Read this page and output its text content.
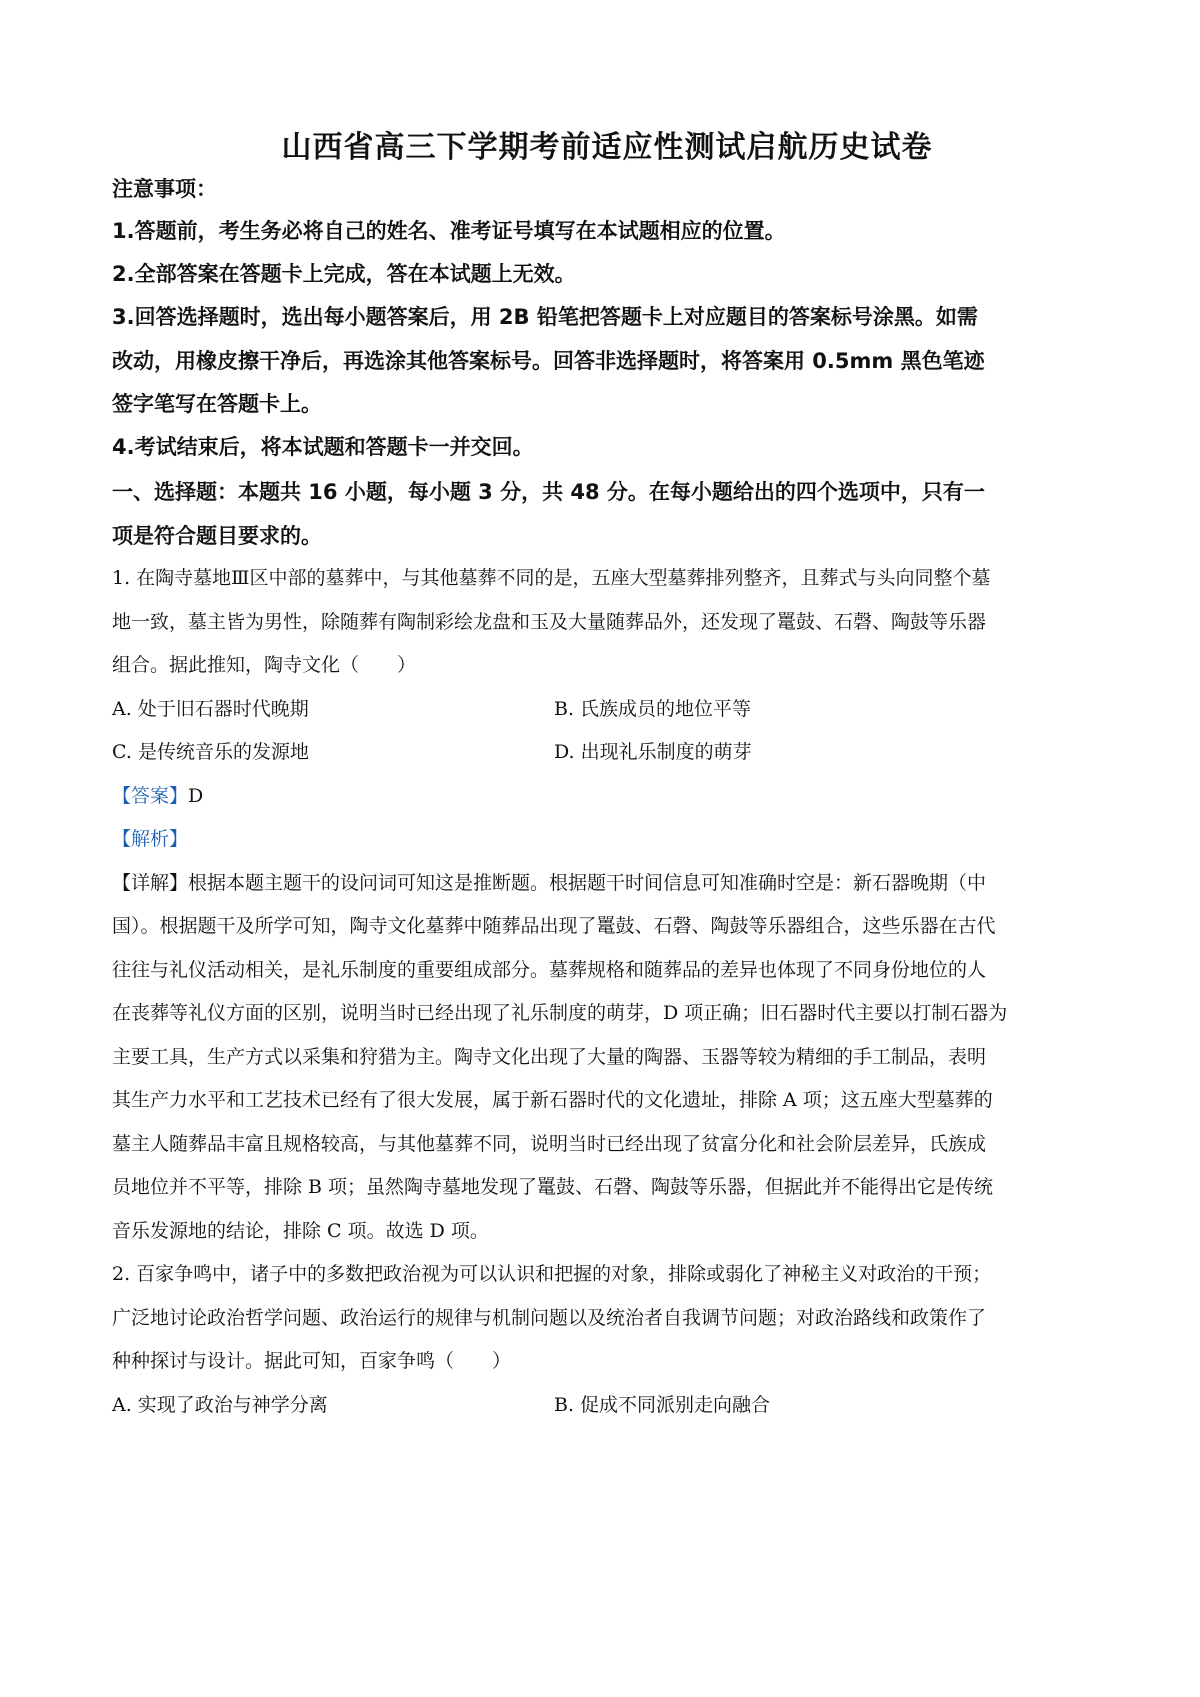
山西省高三下学期考前适应性测试启航历史试卷
注意事项：
1.答题前，考生务必将自己的姓名、准考证号填写在本试题相应的位置。
2.全部答案在答题卡上完成，答在本试题上无效。
3.回答选择题时，选出每小题答案后，用 2B 铅笔把答题卡上对应题目的答案标号涂黑。如需
改动，用橡皮擦干净后，再选涂其他答案标号。回答非选择题时，将答案用 0.5mm 黑色笔迹
签字笔写在答题卡上。
4.考试结束后，将本试题和答题卡一并交回。
一、选择题：本题共 16 小题，每小题 3 分，共 48 分。在每小题给出的四个选项中，只有一
项是符合题目要求的。
1. 在陶寺墓地Ⅲ区中部的墓葬中，与其他墓葬不同的是，五座大型墓葬排列整齐，且葬式与头向同整个墓
地一致，墓主皆为男性，除随葬有陶制彩绘龙盘和玉及大量随葬品外，还发现了鼍鼓、石磬、陶鼓等乐器
组合。据此推知，陶寺文化（　　）
A. 处于旧石器时代晚期	B. 氏族成员的地位平等
C. 是传统音乐的发源地	D. 出现礼乐制度的萌芽
【答案】D
【解析】
【详解】根据本题主题干的设问词可知这是推断题。根据题干时间信息可知准确时空是：新石器晚期（中
国）。根据题干及所学可知，陶寺文化墓葬中随葬品出现了鼍鼓、石磬、陶鼓等乐器组合，这些乐器在古代
往往与礼仪活动相关，是礼乐制度的重要组成部分。墓葬规格和随葬品的差异也体现了不同身份地位的人
在丧葬等礼仪方面的区别，说明当时已经出现了礼乐制度的萌芽，D 项正确；旧石器时代主要以打制石器为
主要工具，生产方式以采集和狩猎为主。陶寺文化出现了大量的陶器、玉器等较为精细的手工制品，表明
其生产力水平和工艺技术已经有了很大发展，属于新石器时代的文化遗址，排除 A 项；这五座大型墓葬的
墓主人随葬品丰富且规格较高，与其他墓葬不同，说明当时已经出现了贫富分化和社会阶层差异，氏族成
员地位并不平等，排除 B 项；虽然陶寺墓地发现了鼍鼓、石磬、陶鼓等乐器，但据此并不能得出它是传统
音乐发源地的结论，排除 C 项。故选 D 项。
2. 百家争鸣中，诸子中的多数把政治视为可以认识和把握的对象，排除或弱化了神秘主义对政治的干预；
广泛地讨论政治哲学问题、政治运行的规律与机制问题以及统治者自我调节问题；对政治路线和政策作了
种种探讨与设计。据此可知，百家争鸣（　　）
A. 实现了政治与神学分离	B. 促成不同派别走向融合
